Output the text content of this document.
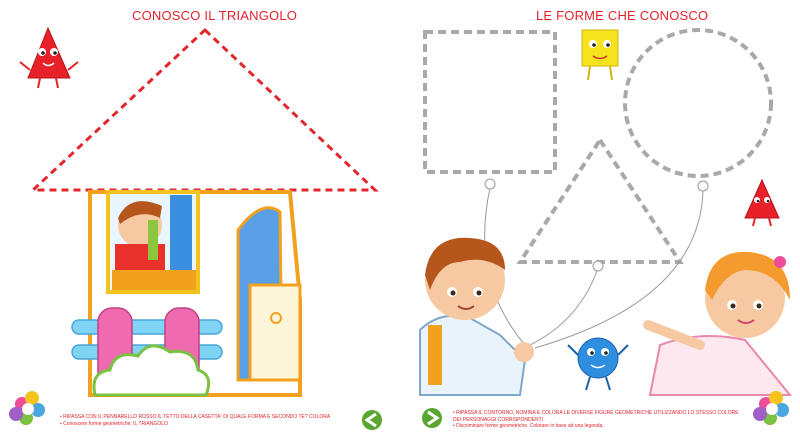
CONOSCO IL TRIANGOLO	LE FORME CHE CONOSCO
• RIPASSA CON IL PENNARELLO ROSSO IL TETTO DELLA CASETTA: DI QUALE FORMA È SECONDO TE? COLORA
• Conoscere forme geometriche: IL TRIANGOLO
• RIPASSA IL CONTORNO, NOMINA E COLORA LE DIVERSE FIGURE GEOMETRICHE UTILIZZANDO LO STESSO COLORE
DEI PERSONAGGI CORRISPONDENTI
• Discriminare forme geometriche. Colorare in base ad una legenda.
